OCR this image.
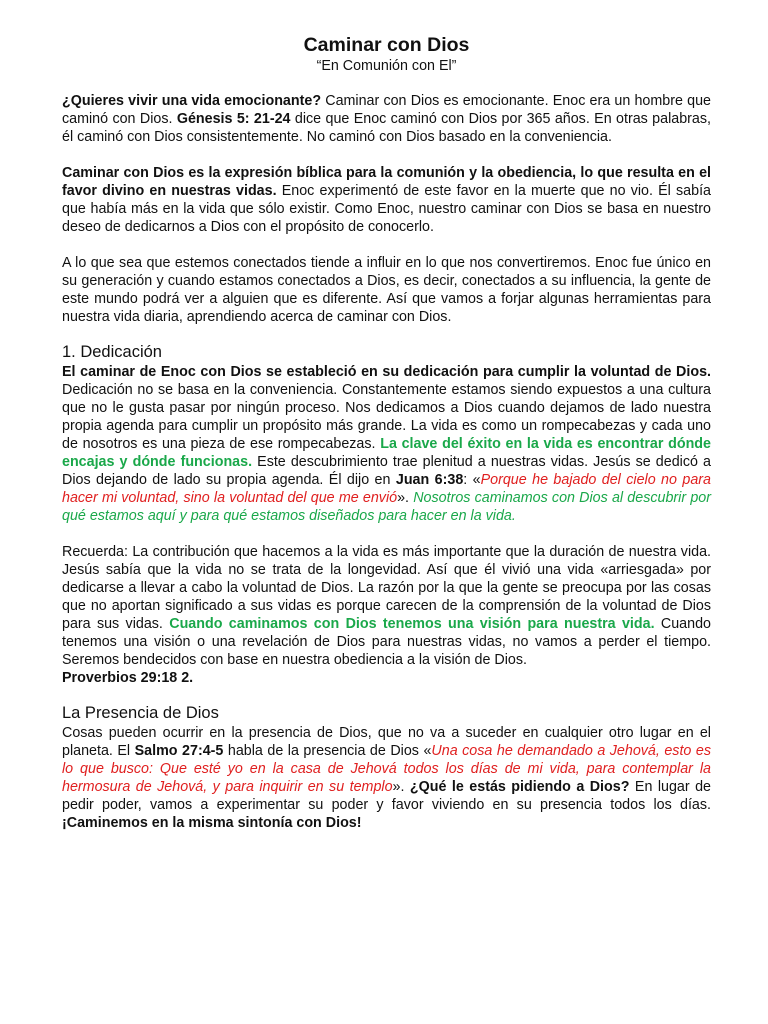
Caminar con Dios
“En Comunión con El”

¿Quieres vivir una vida emocionante? Caminar con Dios es emocionante. Enoc era un hombre que caminó con Dios. Génesis 5: 21-24 dice que Enoc caminó con Dios por 365 años. En otras palabras, él caminó con Dios consistentemente. No caminó con Dios basado en la conveniencia.

Caminar con Dios es la expresión bíblica para la comunión y la obediencia, lo que resulta en el favor divino en nuestras vidas. Enoc experimentó de este favor en la muerte que no vio. Él sabía que había más en la vida que sólo existir. Como Enoc, nuestro caminar con Dios se basa en nuestro deseo de dedicarnos a Dios con el propósito de conocerlo.

A lo que sea que estemos conectados tiende a influir en lo que nos convertiremos. Enoc fue único en su generación y cuando estamos conectados a Dios, es decir, conectados a su influencia, la gente de este mundo podrá ver a alguien que es diferente. Así que vamos a forjar algunas herramientas para nuestra vida diaria, aprendiendo acerca de caminar con Dios.

1. Dedicación

El caminar de Enoc con Dios se estableció en su dedicación para cumplir la voluntad de Dios. Dedicación no se basa en la conveniencia. Constantemente estamos siendo expuestos a una cultura que no le gusta pasar por ningún proceso. Nos dedicamos a Dios cuando dejamos de lado nuestra propia agenda para cumplir un propósito más grande. La vida es como un rompecabezas y cada uno de nosotros es una pieza de ese rompecabezas. La clave del éxito en la vida es encontrar dónde encajas y dónde funcionas. Este descubrimiento trae plenitud a nuestras vidas. Jesús se dedicó a Dios dejando de lado su propia agenda. Él dijo en Juan 6:38: «Porque he bajado del cielo no para hacer mi voluntad, sino la voluntad del que me envió». Nosotros caminamos con Dios al descubrir por qué estamos aquí y para qué estamos diseñados para hacer en la vida.

Recuerda: La contribución que hacemos a la vida es más importante que la duración de nuestra vida. Jesús sabía que la vida no se trata de la longevidad. Así que él vivió una vida «arriesgada» por dedicarse a llevar a cabo la voluntad de Dios. La razón por la que la gente se preocupa por las cosas que no aportan significado a sus vidas es porque carecen de la comprensión de la voluntad de Dios para sus vidas. Cuando caminamos con Dios tenemos una visión para nuestra vida. Cuando tenemos una visión o una revelación de Dios para nuestras vidas, no vamos a perder el tiempo. Seremos bendecidos con base en nuestra obediencia a la visión de Dios.
Proverbios 29:18 2.

La Presencia de Dios

Cosas pueden ocurrir en la presencia de Dios, que no va a suceder en cualquier otro lugar en el planeta. El Salmo 27:4-5 habla de la presencia de Dios «Una cosa he demandado a Jehová, esto es lo que busco: Que esté yo en la casa de Jehová todos los días de mi vida, para contemplar la hermosura de Jehová, y para inquirir en su templo». ¿Qué le estás pidiendo a Dios? En lugar de pedir poder, vamos a experimentar su poder y favor viviendo en su presencia todos los días. ¡Caminemos en la misma sintonía con Dios!
